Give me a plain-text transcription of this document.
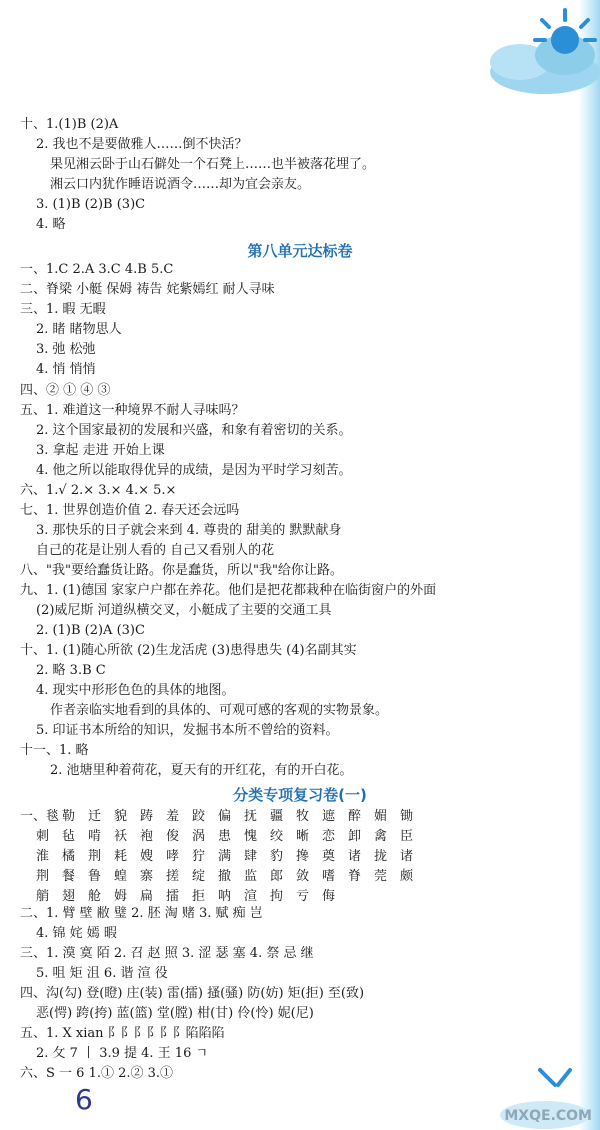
十、1.(1)B (2)A
2. 我也不是要做雅人……倒不快活？
果见湘云卧于山石僻处一个石凳上……也半被落花埋了。
湘云口内犹作睡语说酒令……却为宜会亲友。
3. (1)B (2)B (3)C
4. 略
第八单元达标卷
一、1.C 2.A 3.C 4.B 5.C
二、脊梁 小艇 保姆 祷告 姹紫嫣红 耐人寻味
三、1. 暇 无暇
2. 睹 睹物思人
3. 弛 松弛
4. 悄 悄悄
四、② ① ④ ③
五、1. 难道这一种境界不耐人寻味吗？
2. 这个国家最初的发展和兴盛，和象有着密切的关系。
3. 拿起 走进 开始上课
4. 他之所以能取得优异的成绩，是因为平时学习刻苦。
六、1.√ 2.× 3.× 4.× 5.×
七、1. 世界创造价值 2. 春天还会远吗
3. 那快乐的日子就会来到 4. 尊贵的 甜美的 默默献身
自己的花是让别人看的 自己又看别人的花
八、"我"要给蠢货让路。你是蠢货，所以"我"给你让路。
九、1. (1)德国 家家户户都在养花。他们是把花都栽种在临街窗户的外面
(2)威尼斯 河道纵横交叉，小艇成了主要的交通工具
2. (1)B (2)A (3)C
十、1. (1)随心所欲 (2)生龙活虎 (3)患得患失 (4)名副其实
2. 略 3.B C
4. 现实中形形色色的具体的地图。
作者亲临实地看到的具体的、可观可感的客观的实物景象。
5. 印证书本所给的知识，发掘书本所不曾给的资料。
十一、1. 略
2. 池塘里种着荷花，夏天有的开红花，有的开白花。
分类专项复习卷(一)
一、毯 勒 迁 貌 踌 羞 跤 偏 抚 疆 牧 遮 醉 媚 锄
刺 毡 啃 袄 袍 俊 涡 患 愧 绞 晰 恋 卸 禽 臣
淮 橘 荆 耗 嫂 哮 狞 满 肆 豹 搀 奠 诸 拢 诸
荆 餐 鲁 蝗 寨 搓 绽 撤 监 郎 敛 嗜 脊 莞 颇
艄 翅 舱 姆 扁 擂 拒 呐 渲 拘 亏 侮
二、1. 臂 壁 敝 璧 2. 胚 淘 赌 3. 赋 痴 岂
4. 锦 姹 嫣 暇
三、1. 漠 寞 陌 2. 召 赵 照 3. 涩 瑟 塞 4. 祭 忌 继
5. 咀 矩 沮 6. 谐 渲 役
四、沟(勾) 登(瞪) 庄(装) 雷(擂) 搔(骚) 防(妨) 矩(拒) 至(致)
恶(愕) 跨(挎) 蓝(篮) 堂(膛) 柑(甘) 伶(怜) 妮(尼)
五、1. X xian 阝阝阝阝阝阝陷陷陷
2. 攵 7 丨 3.9 提 4. 王 16 ㄱ
六、S 一 6 1.① 2.② 3.①
6	MXQE.COM
